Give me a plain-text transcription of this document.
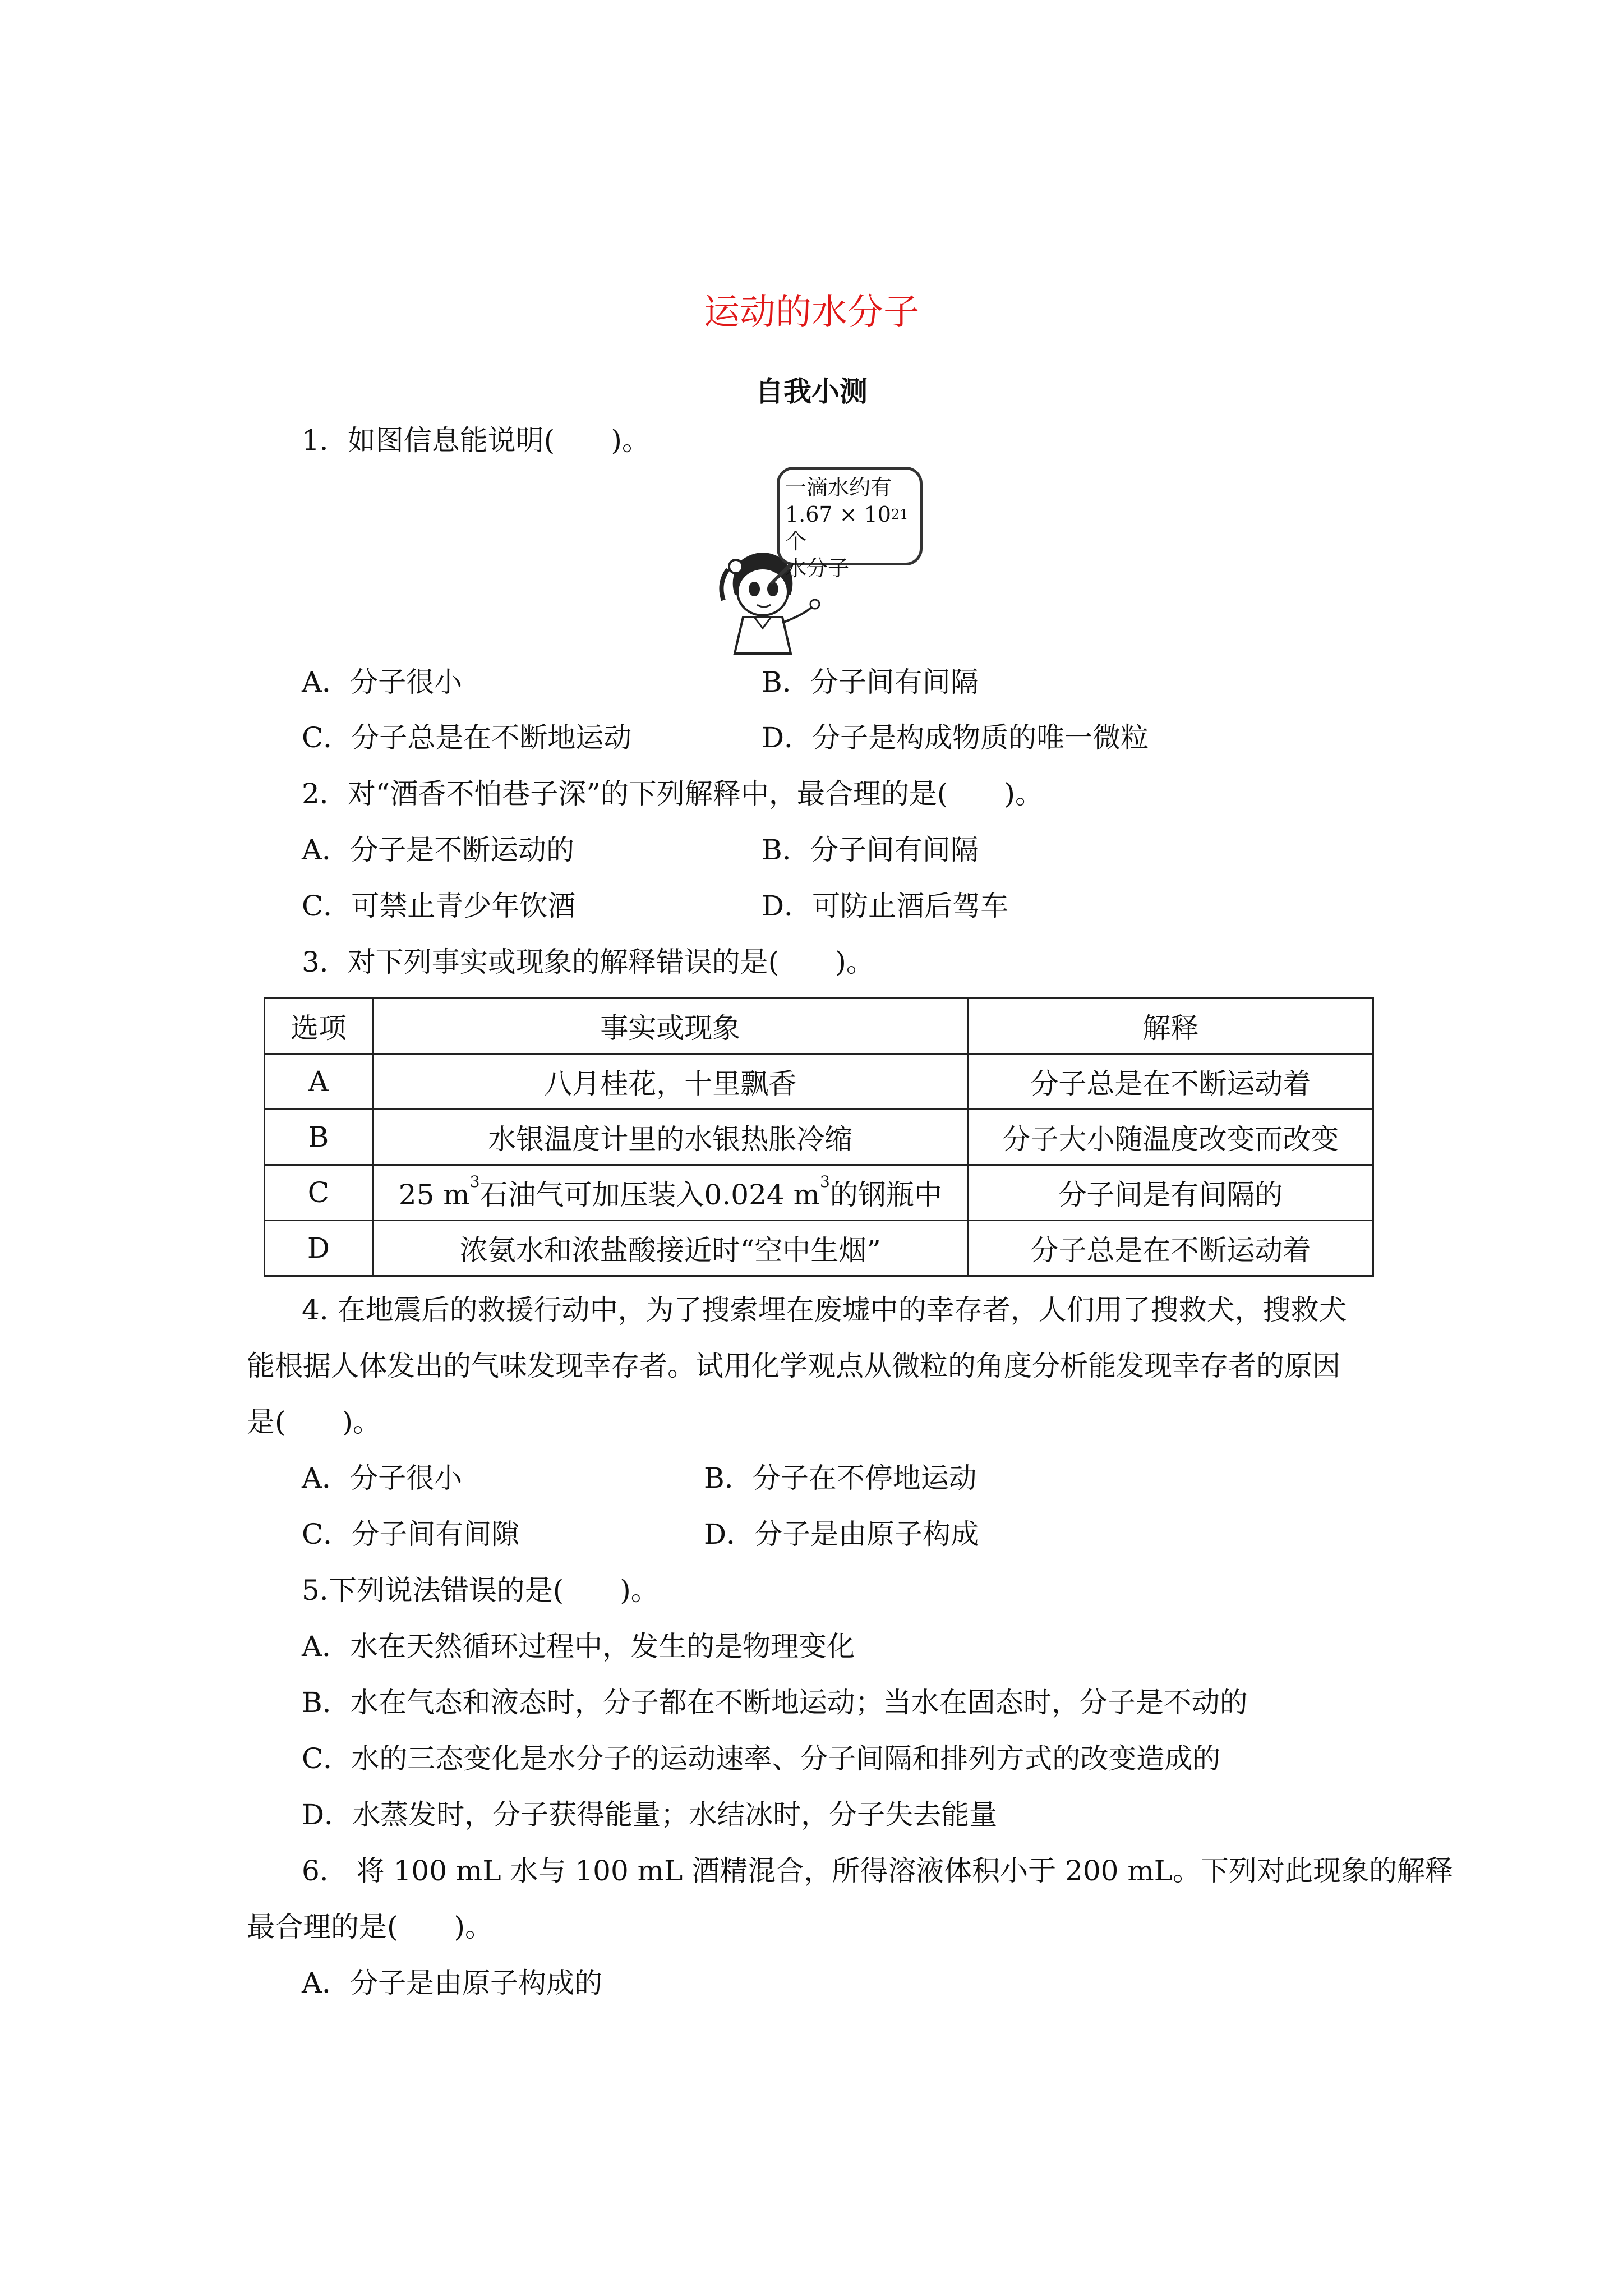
运动的水分子
自我小测
1．如图信息能说明(　　)。
一滴水约有
$1.67 \times 10^{21}$个
水分子
A．分子很小	B．分子间有间隔
C．分子总是在不断地运动	D．分子是构成物质的唯一微粒
2．对“酒香不怕巷子深”的下列解释中，最合理的是(　　)。
A．分子是不断运动的	B．分子间有间隔
C．可禁止青少年饮酒	D．可防止酒后驾车
3．对下列事实或现象的解释错误的是(　　)。
选项	事实或现象	解释
A	八月桂花，十里飘香	分子总是在不断运动着
B	水银温度计里的水银热胀冷缩	分子大小随温度改变而改变
C	25 $m^3$石油气可加压装入0.024 $m^3$的钢瓶中	分子间是有间隔的
D	浓氨水和浓盐酸接近时“空中生烟”	分子总是在不断运动着
4. 在地震后的救援行动中，为了搜索埋在废墟中的幸存者，人们用了搜救犬，搜救犬
能根据人体发出的气味发现幸存者。试用化学观点从微粒的角度分析能发现幸存者的原因
是(　　)。
A．分子很小	B．分子在不停地运动
C．分子间有间隙	D．分子是由原子构成
5.下列说法错误的是(　　)。
A．水在天然循环过程中，发生的是物理变化
B．水在气态和液态时，分子都在不断地运动；当水在固态时，分子是不动的
C．水的三态变化是水分子的运动速率、分子间隔和排列方式的改变造成的
D．水蒸发时，分子获得能量；水结冰时，分子失去能量
6． 将 100 mL 水与 100 mL 酒精混合，所得溶液体积小于 200 mL。下列对此现象的解释
最合理的是(　　)。
A．分子是由原子构成的
